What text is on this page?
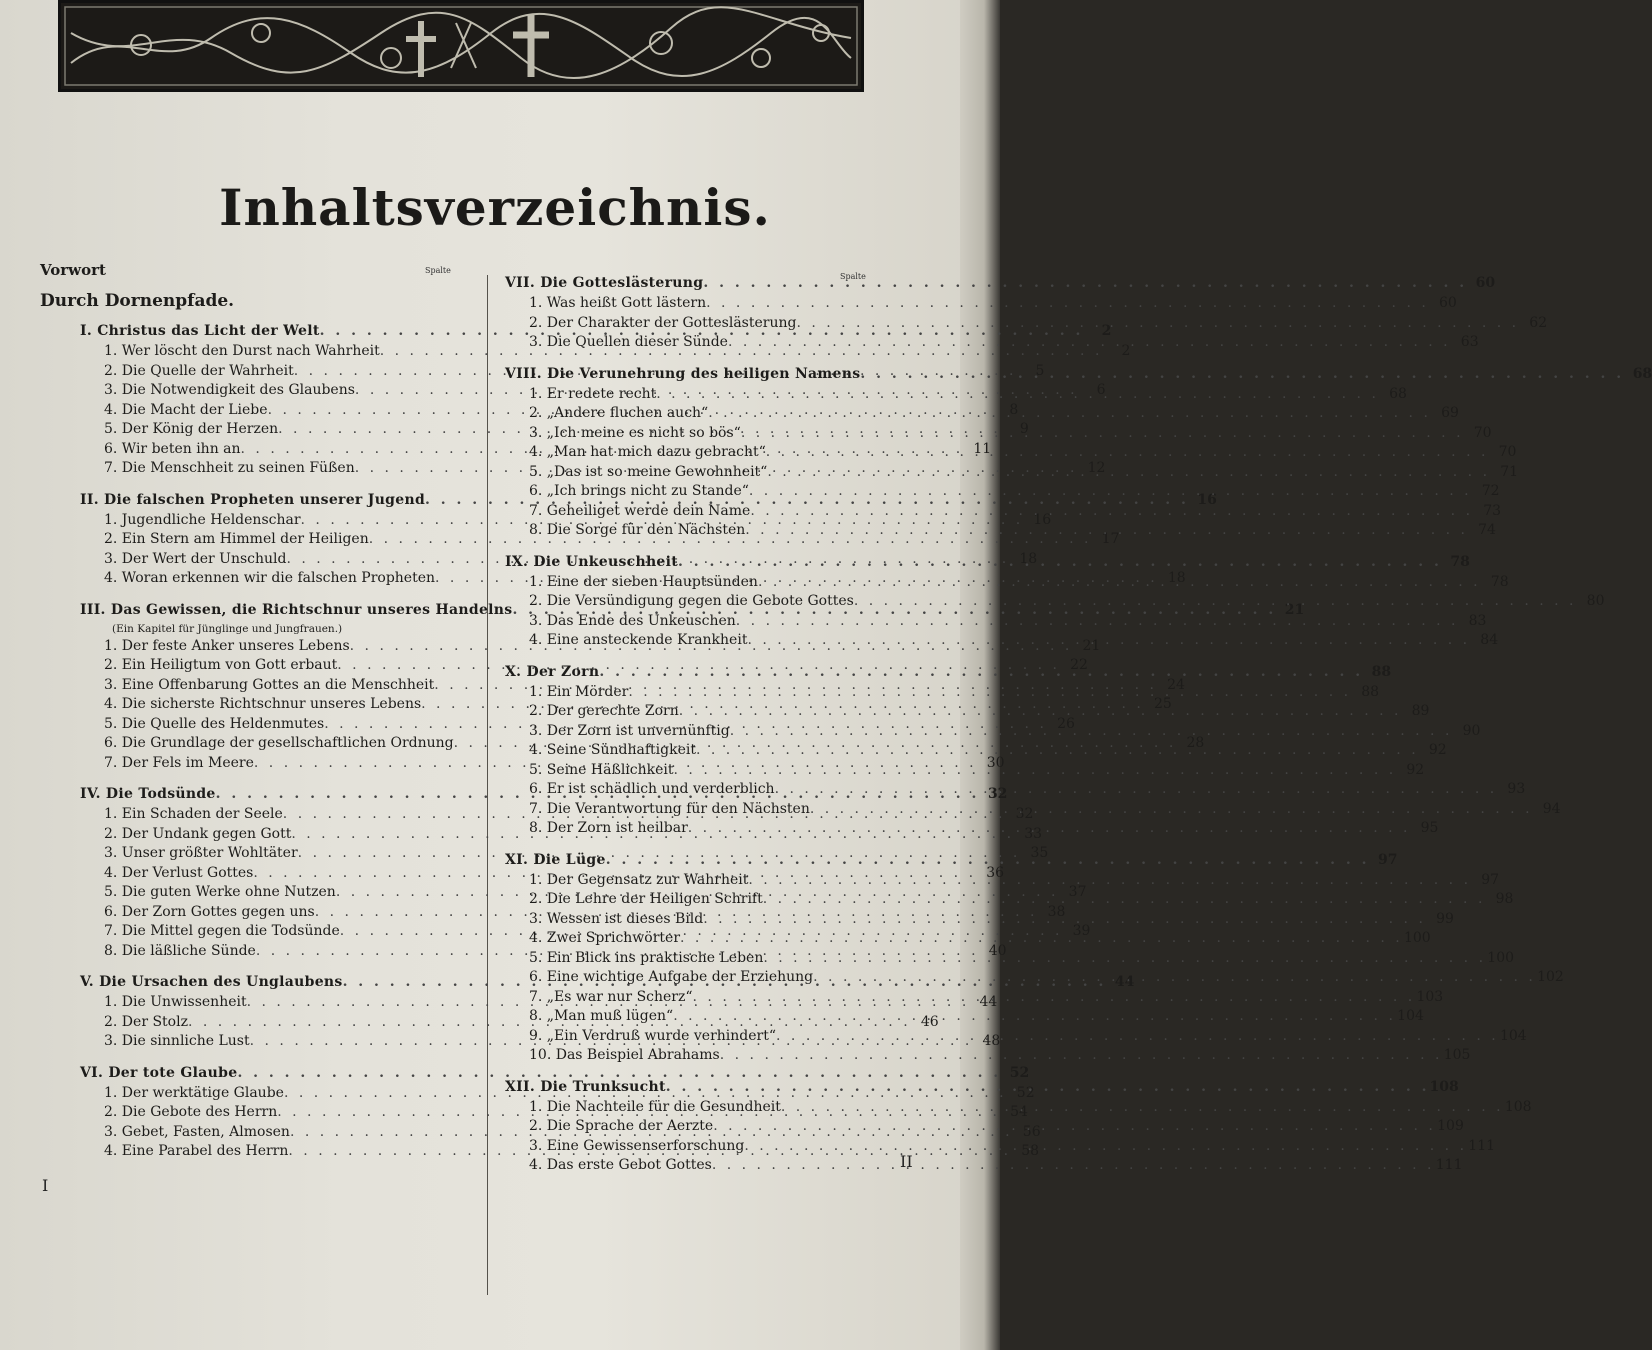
Inhaltsverzeichnis.
Spalte
Spalte
Vorwort
Durch Dornenpfade.
I. Christus das Licht der Welt . . .	2
1. Wer löscht den Durst nach Wahrheit . . .	2
2. Die Quelle der Wahrheit . . .	5
3. Die Notwendigkeit des Glaubens . . .	6
4. Die Macht der Liebe . . .	8
5. Der König der Herzen . . .	9
6. Wir beten ihn an . . .	11
7. Die Menschheit zu seinen Füßen . . .	12
II. Die falschen Propheten unserer Jugend . . .	16
1. Jugendliche Heldenschar . . .	16
2. Ein Stern am Himmel der Heiligen . . .	17
3. Der Wert der Unschuld . . .	18
4. Woran erkennen wir die falschen Propheten . . .	18
III. Das Gewissen, die Richtschnur unseres Handelns . . .	21
(Ein Kapitel für Jünglinge und Jungfrauen.)
1. Der feste Anker unseres Lebens . . .	21
2. Ein Heiligtum von Gott erbaut . . .	22
3. Eine Offenbarung Gottes an die Menschheit . . .	24
4. Die sicherste Richtschnur unseres Lebens . . .	25
5. Die Quelle des Heldenmutes . . .	26
6. Die Grundlage der gesellschaftlichen Ordnung . . .	28
7. Der Fels im Meere . . .	30
IV. Die Todsünde . . .	32
1. Ein Schaden der Seele . . .	32
2. Der Undank gegen Gott . . .	33
3. Unser größter Wohltäter . . .	35
4. Der Verlust Gottes . . .	36
5. Die guten Werke ohne Nutzen . . .	37
6. Der Zorn Gottes gegen uns . . .	38
7. Die Mittel gegen die Todsünde . . .	39
8. Die läßliche Sünde . . .	40
V. Die Ursachen des Unglaubens . . .	44
1. Die Unwissenheit . . .	44
2. Der Stolz . . .	46
3. Die sinnliche Lust . . .	48
VI. Der tote Glaube . . .	52
1. Der werktätige Glaube . . .	52
2. Die Gebote des Herrn . . .	54
3. Gebet, Fasten, Almosen . . .	56
4. Eine Parabel des Herrn . . .	58
VII. Die Gotteslästerung . . .	60
1. Was heißt Gott lästern . . .	60
2. Der Charakter der Gotteslästerung . . .	62
3. Die Quellen dieser Sünde . . .	63
VIII. Die Verunehrung des heiligen Namens . . .	68
1. Er redete recht . . .	68
2. „Andere fluchen auch“ . . .	69
3. „Ich meine es nicht so bös“ . . .	70
4. „Man hat mich dazu gebracht“ . . .	70
5. „Das ist so meine Gewohnheit“ . . .	71
6. „Ich brings nicht zu Stande“ . . .	72
7. Geheiliget werde dein Name . . .	73
8. Die Sorge für den Nächsten . . .	74
IX. Die Unkeuschheit . . .	78
1. Eine der sieben Hauptsünden . . .	78
2. Die Versündigung gegen die Gebote Gottes . . .	80
3. Das Ende des Unkeuschen . . .	83
4. Eine ansteckende Krankheit . . .	84
X. Der Zorn . . .	88
1. Ein Mörder . . .	88
2. Der gerechte Zorn . . .	89
3. Der Zorn ist unvernünftig . . .	90
4. Seine Sündhaftigkeit . . .	92
5. Seine Häßlichkeit . . .	92
6. Er ist schädlich und verderblich . . .	93
7. Die Verantwortung für den Nächsten . . .	94
8. Der Zorn ist heilbar . . .	95
XI. Die Lüge . . .	97
1. Der Gegensatz zur Wahrheit . . .	97
2. Die Lehre der Heiligen Schrift . . .	98
3. Wessen ist dieses Bild . . .	99
4. Zwei Sprichwörter . . .	100
5. Ein Blick ins praktische Leben . . .	100
6. Eine wichtige Aufgabe der Erziehung . . .	102
7. „Es war nur Scherz“ . . .	103
8. „Man muß lügen“ . . .	104
9. „Ein Verdruß wurde verhindert“ . . .	104
10. Das Beispiel Abrahams . . .	105
XII. Die Trunksucht . . .	108
1. Die Nachteile für die Gesundheit . . .	108
2. Die Sprache der Aerzte . . .	109
3. Eine Gewissenserforschung . . .	111
4. Das erste Gebot Gottes . . .	111
I
II
